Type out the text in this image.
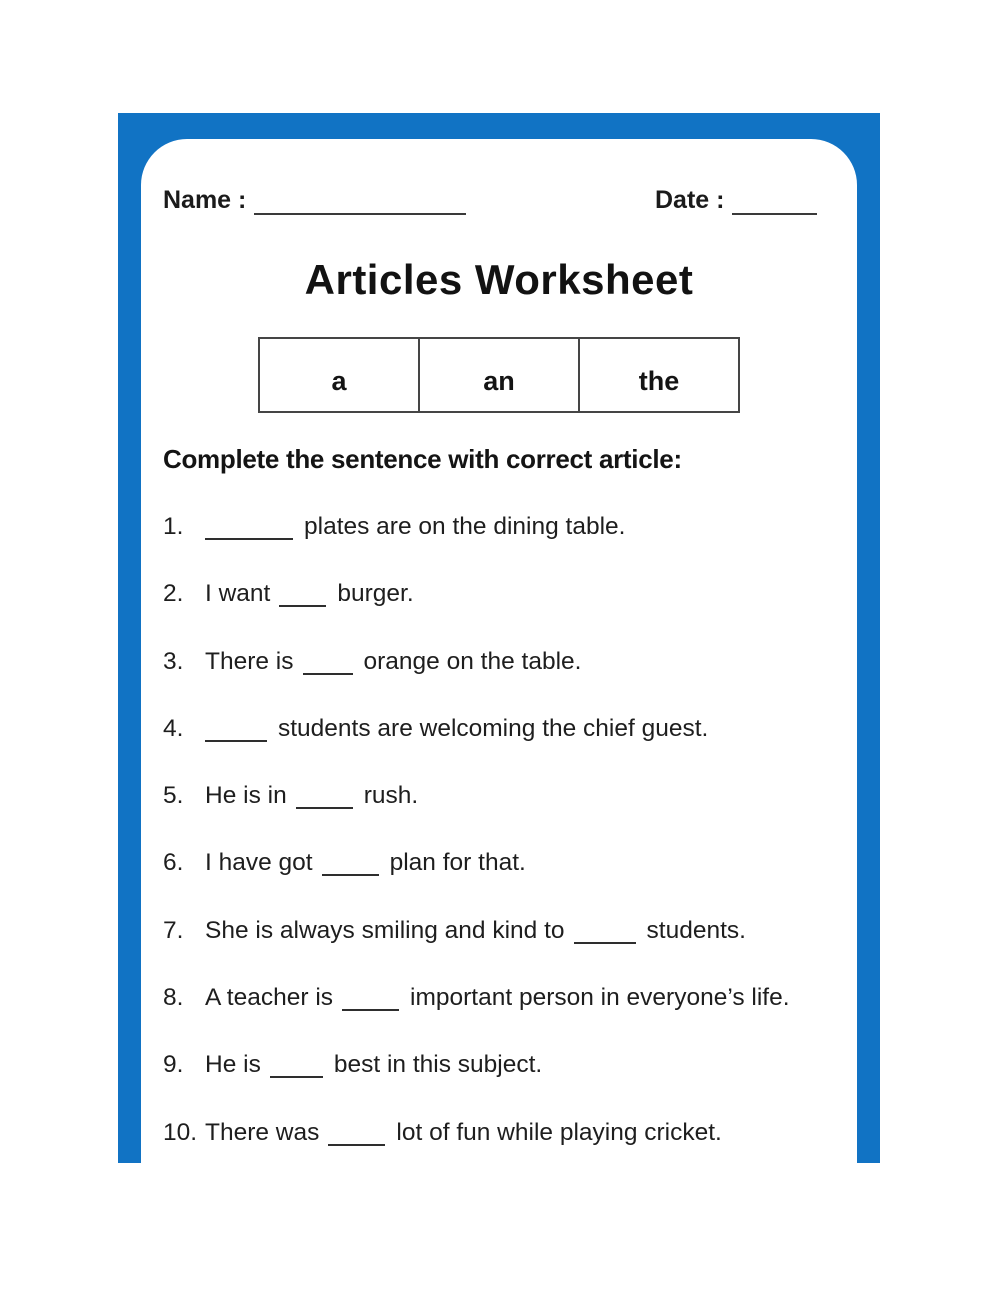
Name :	Date :
Articles Worksheet
a	an	the
Complete the sentence with correct article:
1.	plates are on the dining table.
2. I want	burger.
3. There is	orange on the table.
4.	students are welcoming the chief guest.
5. He is in	rush.
6. I have got	plan for that.
7. She is always smiling and kind to	students.
8. A teacher is	important person in everyone’s life.
9. He is	best in this subject.
10. There was	lot of fun while playing cricket.
